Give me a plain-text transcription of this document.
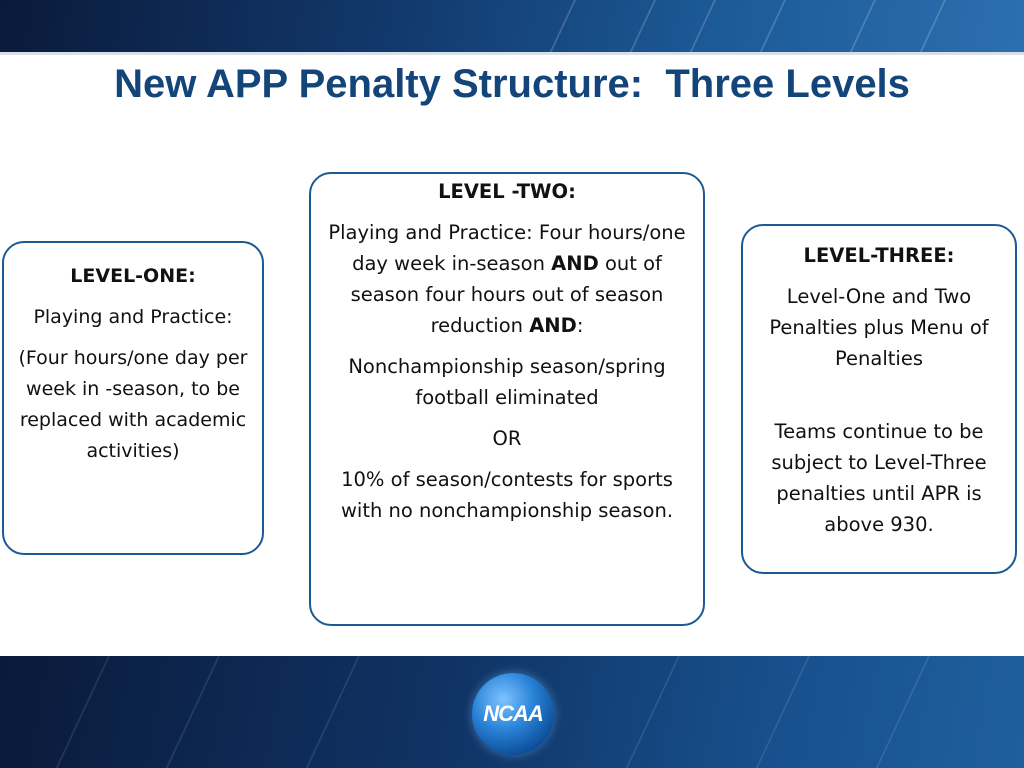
New APP Penalty Structure:  Three Levels

LEVEL-ONE:

Playing and Practice:

(Four hours/one day per week in -season, to be replaced with academic activities)

LEVEL -TWO:

Playing and Practice: Four hours/one day week in-season AND out of season four hours out of season reduction AND:

Nonchampionship season/spring football eliminated

OR

10% of season/contests for sports with no nonchampionship season.

LEVEL-THREE:

Level-One and Two Penalties plus Menu of Penalties

Teams continue to be subject to Level-Three penalties until APR is above 930.

NCAA
